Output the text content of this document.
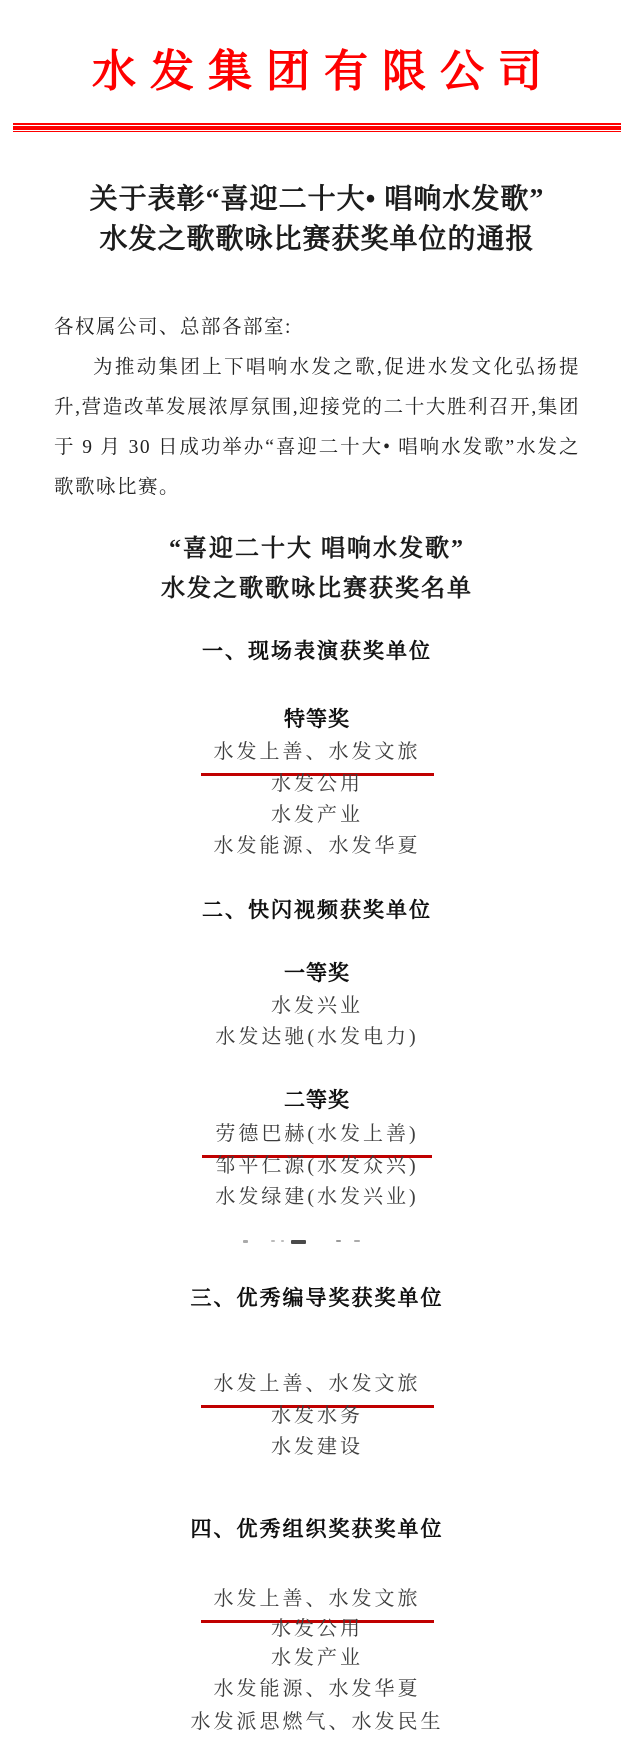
水发集团有限公司
关于表彰“喜迎二十大• 唱响水发歌”
水发之歌歌咏比赛获奖单位的通报
各权属公司、总部各部室:
为推动集团上下唱响水发之歌,促进水发文化弘扬提升,营造改革发展浓厚氛围,迎接党的二十大胜利召开,集团于 9 月 30 日成功举办“喜迎二十大• 唱响水发歌”水发之歌歌咏比赛。
“喜迎二十大 唱响水发歌”
水发之歌歌咏比赛获奖名单
一、现场表演获奖单位
特等奖
水发上善、水发文旅
水发公用
水发产业
水发能源、水发华夏
二、快闪视频获奖单位
一等奖
水发兴业
水发达驰(水发电力)
二等奖
劳德巴赫(水发上善)
邹平仁源(水发众兴)
水发绿建(水发兴业)
三、优秀编导奖获奖单位
水发上善、水发文旅
水发水务
水发建设
四、优秀组织奖获奖单位
水发上善、水发文旅
水发公用
水发产业
水发能源、水发华夏
水发派思燃气、水发民生
